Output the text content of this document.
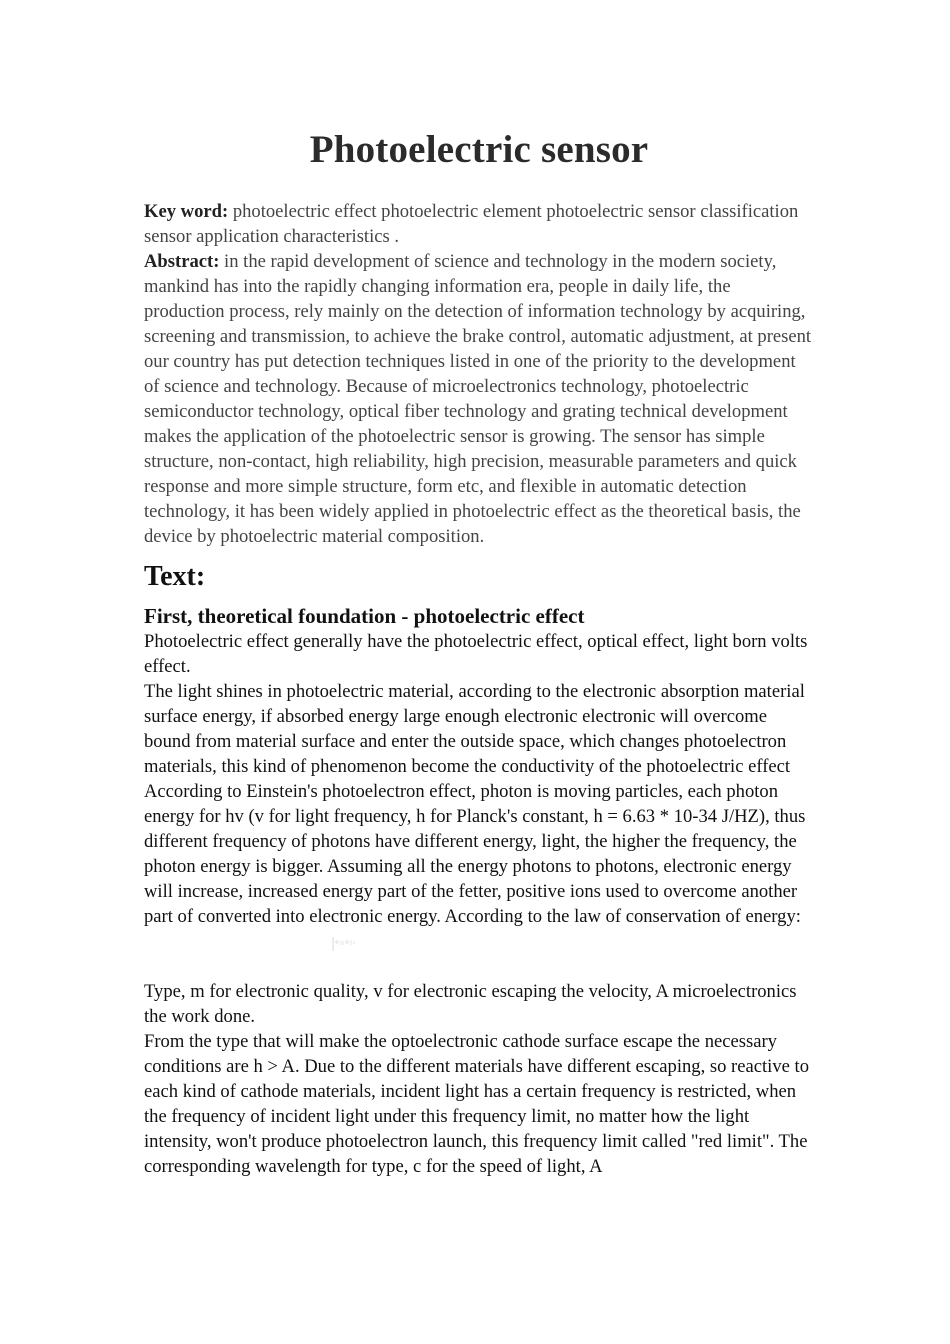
Photoelectric sensor

Key word: photoelectric effect photoelectric element photoelectric sensor classification sensor application characteristics .

Abstract: in the rapid development of science and technology in the modern society, mankind has into the rapidly changing information era, people in daily life, the production process, rely mainly on the detection of information technology by acquiring, screening and transmission, to achieve the brake control, automatic adjustment, at present our country has put detection techniques listed in one of the priority to the development of science and technology. Because of microelectronics technology, photoelectric semiconductor technology, optical fiber technology and grating technical development makes the application of the photoelectric sensor is growing. The sensor has simple structure, non-contact, high reliability, high precision, measurable parameters and quick response and more simple structure, form etc, and flexible in automatic detection technology, it has been widely applied in photoelectric effect as the theoretical basis, the device by photoelectric material composition.

Text:
First, theoretical foundation - photoelectric effect

Photoelectric effect generally have the photoelectric effect, optical effect, light born volts effect.

The light shines in photoelectric material, according to the electronic absorption material surface energy, if absorbed energy large enough electronic electronic will overcome bound from material surface and enter the outside space, which changes photoelectron materials, this kind of phenomenon become the conductivity of the photoelectric effect

According to Einstein's photoelectron effect, photon is moving particles, each photon energy for hv (v for light frequency, h for Planck's constant, h = 6.63 * 10-34 J/HZ), thus different frequency of photons have different energy, light, the higher the frequency, the photon energy is bigger. Assuming all the energy photons to photons, electronic energy will increase, increased energy part of the fetter, positive ions used to overcome another part of converted into electronic energy. According to the law of conservation of energy:

Type, m for electronic quality, v for electronic escaping the velocity, A microelectronics the work done.

From the type that will make the optoelectronic cathode surface escape the necessary conditions are h > A. Due to the different materials have different escaping, so reactive to each kind of cathode materials, incident light has a certain frequency is restricted, when the frequency of incident light under this frequency limit, no matter how the light intensity, won't produce photoelectron launch, this frequency limit called "red limit". The corresponding wavelength for type, c for the speed of light, A
